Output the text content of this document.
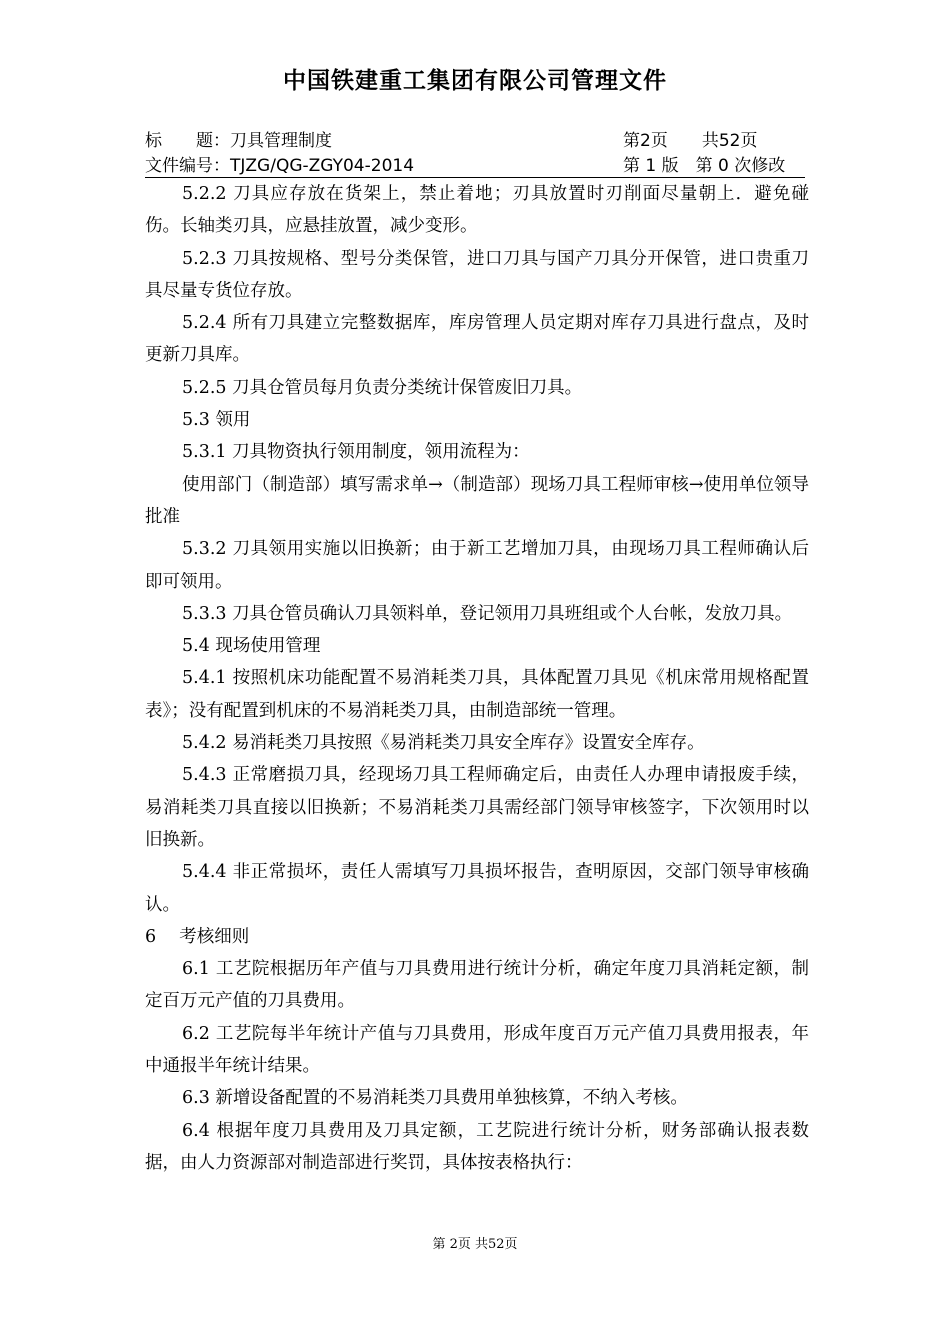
中国铁建重工集团有限公司管理文件
标　　题：刀具管理制度	第2页　　共52页
文件编号：TJZG/QG-ZGY04-2014	第 1 版　第 0 次修改
5.2.2 刀具应存放在货架上，禁止着地；刃具放置时刃削面尽量朝上．避免碰伤。长轴类刃具，应悬挂放置，减少变形。
5.2.3 刀具按规格、型号分类保管，进口刀具与国产刀具分开保管，进口贵重刀具尽量专货位存放。
5.2.4 所有刀具建立完整数据库，库房管理人员定期对库存刀具进行盘点，及时更新刀具库。
5.2.5 刀具仓管员每月负责分类统计保管废旧刀具。
5.3 领用
5.3.1 刀具物资执行领用制度，领用流程为：
使用部门（制造部）填写需求单→（制造部）现场刀具工程师审核→使用单位领导批准
5.3.2 刀具领用实施以旧换新；由于新工艺增加刀具，由现场刀具工程师确认后即可领用。
5.3.3 刀具仓管员确认刀具领料单，登记领用刀具班组或个人台帐，发放刀具。
5.4 现场使用管理
5.4.1 按照机床功能配置不易消耗类刀具，具体配置刀具见《机床常用规格配置表》；没有配置到机床的不易消耗类刀具，由制造部统一管理。
5.4.2 易消耗类刀具按照《易消耗类刀具安全库存》设置安全库存。
5.4.3 正常磨损刀具，经现场刀具工程师确定后，由责任人办理申请报废手续，易消耗类刀具直接以旧换新；不易消耗类刀具需经部门领导审核签字，下次领用时以旧换新。
5.4.4 非正常损坏，责任人需填写刀具损坏报告，查明原因，交部门领导审核确认。
6　 考核细则
6.1 工艺院根据历年产值与刀具费用进行统计分析，确定年度刀具消耗定额，制定百万元产值的刀具费用。
6.2 工艺院每半年统计产值与刀具费用，形成年度百万元产值刀具费用报表，年中通报半年统计结果。
6.3 新增设备配置的不易消耗类刀具费用单独核算，不纳入考核。
6.4 根据年度刀具费用及刀具定额，工艺院进行统计分析，财务部确认报表数据，由人力资源部对制造部进行奖罚，具体按表格执行：
第 2页 共52页
